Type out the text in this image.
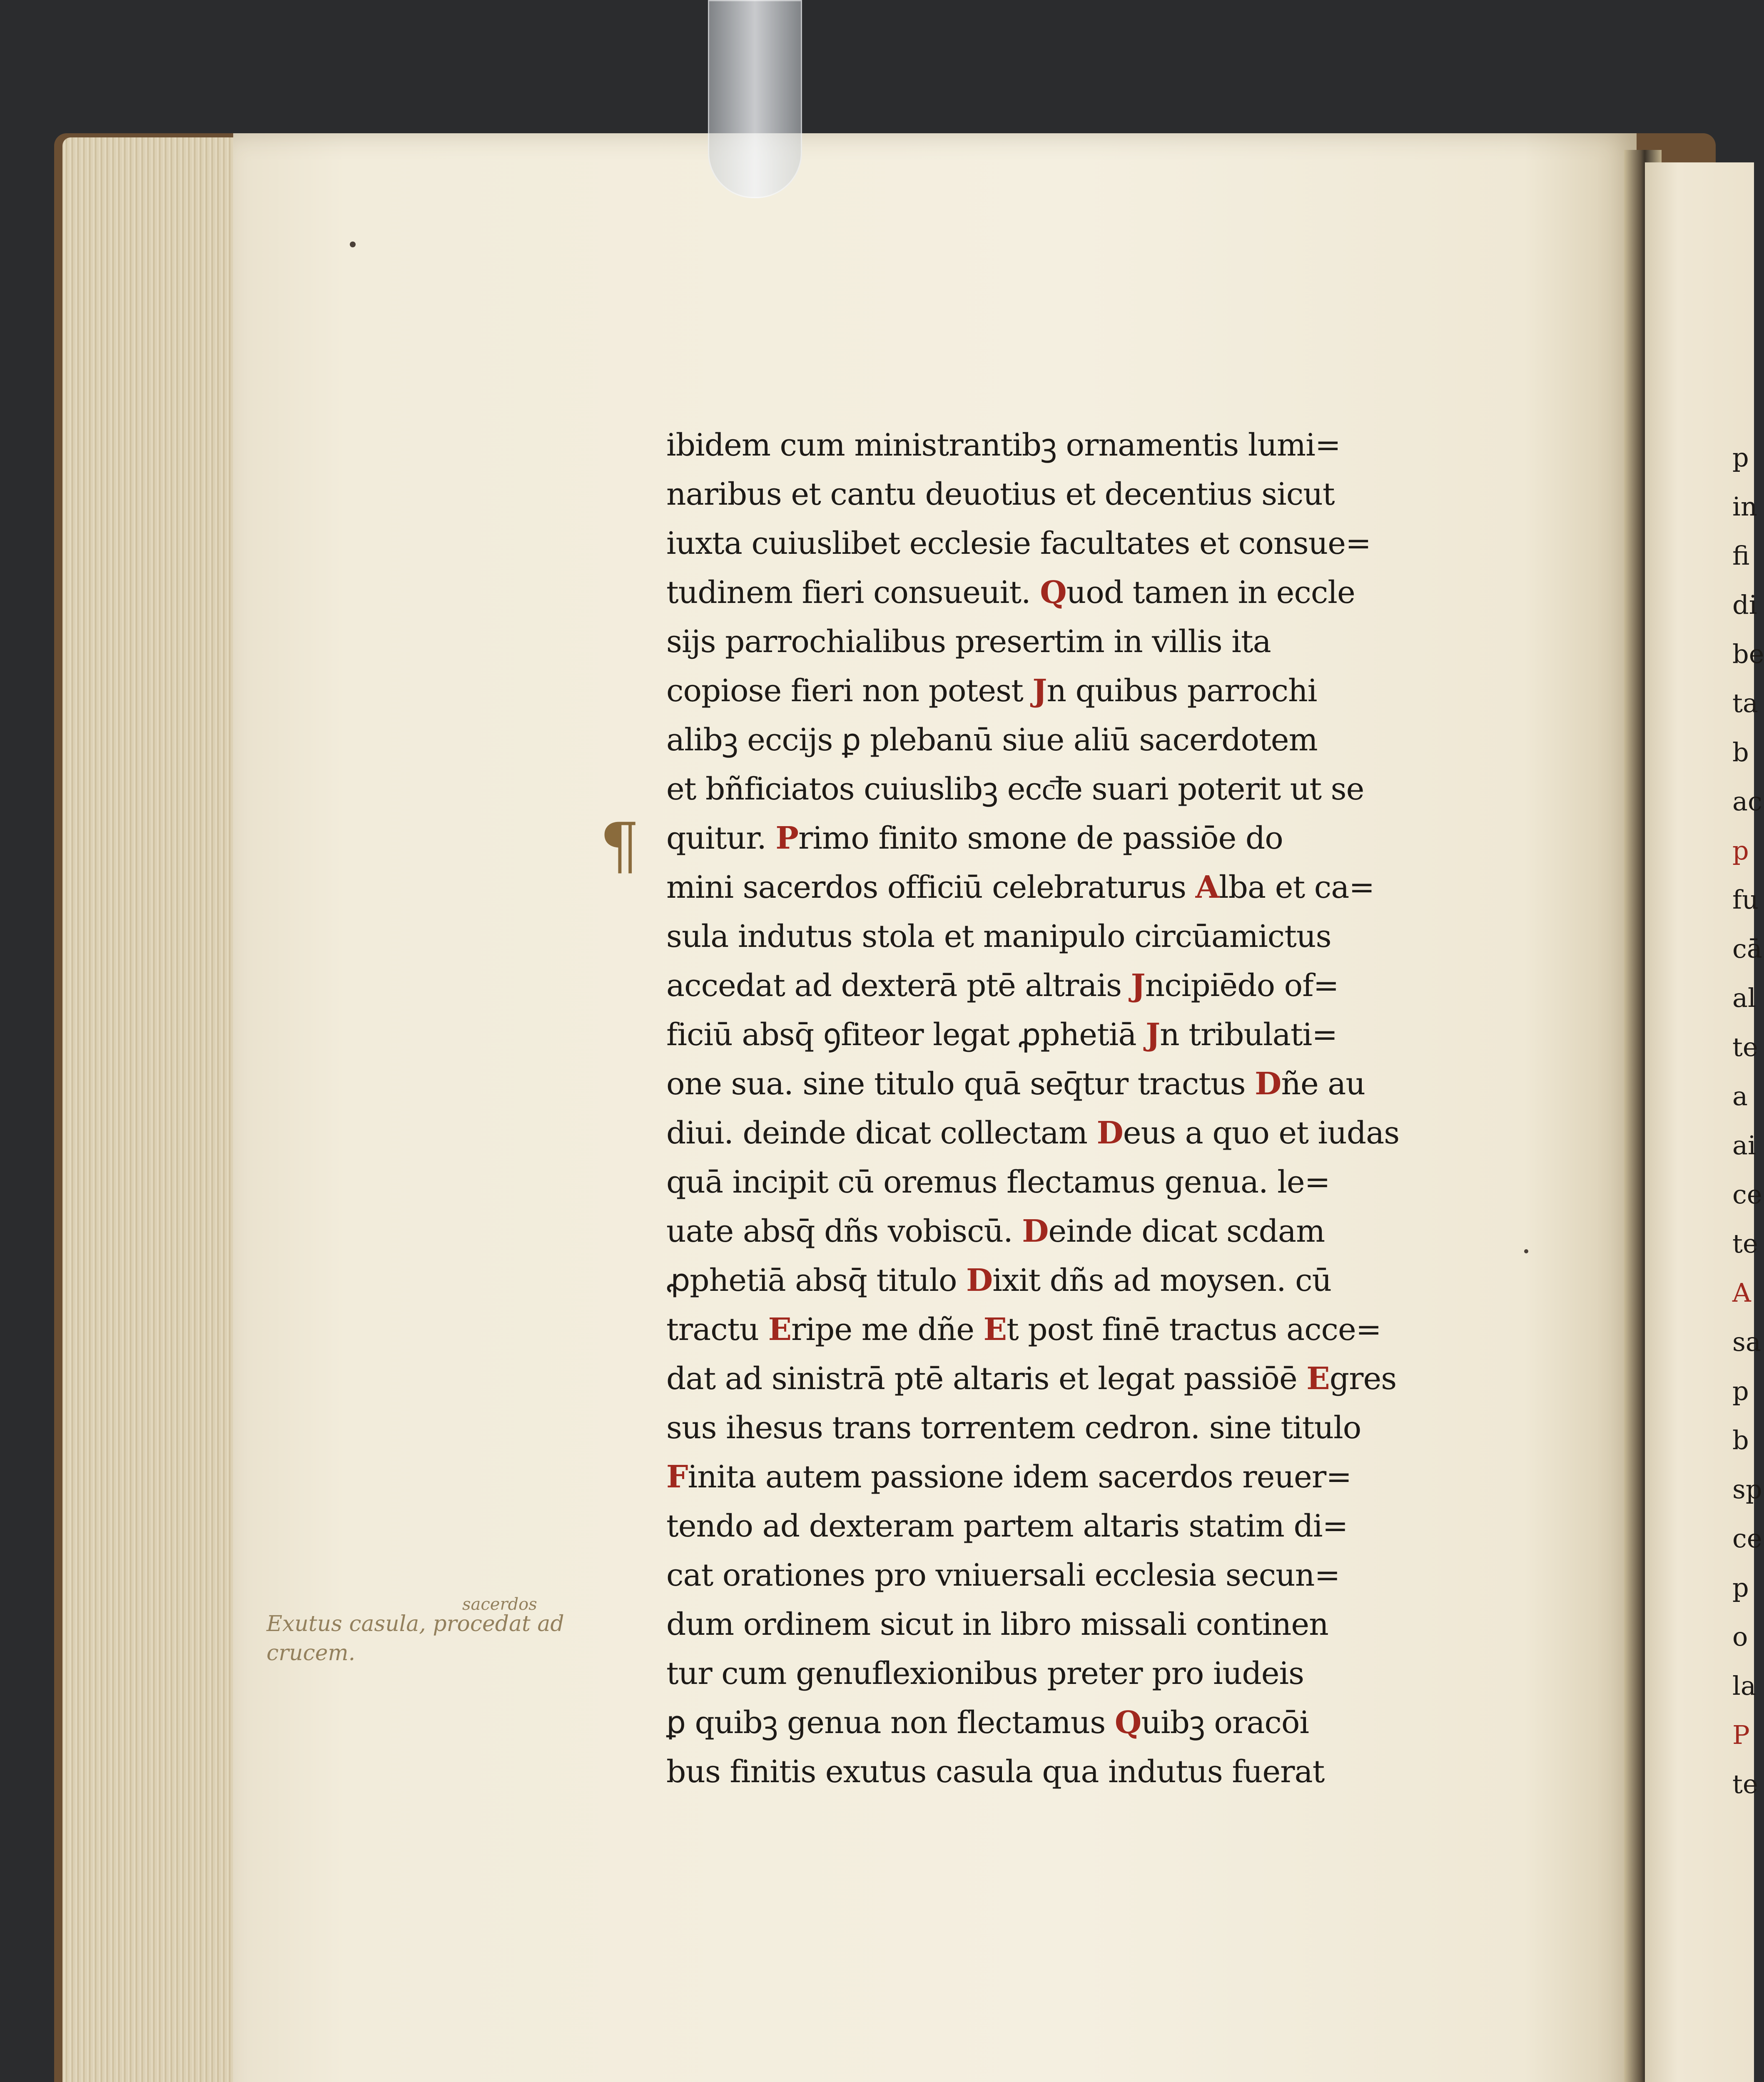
¶
ibidem cum ministrantibꝫ ornamentis lumi=
naribus et cantu deuotius et decentius sicut
iuxta cuiuslibet ecclesie facultates et consue=
tudinem fieri consueuit. Quod tamen in eccle
sijs parrochialibus presertim in villis ita
copiose fieri non potest Jn quibus parrochi
alibꝫ eccijs ꝑ plebanū siue aliū sacerdotem
et bñficiatos cuiuslibꝫ ecc͞le suari poterit ut se
quitur. Primo finito smone de passiōe do
mini sacerdos officiū celebraturus Alba et ca=
sula indutus stola et manipulo circūamictus
accedat ad dexterā ptē altrais Jncipiēdo of=
ficiū absq̄ ꝯfiteor legat ꝓphetiā Jn tribulati=
one sua. sine titulo quā seq̄tur tractus Dñe au
diui. deinde dicat collectam Deus a quo et iudas
quā incipit cū oremus flectamus genua. le=
uate absq̄ dñs vobiscū. Deinde dicat scdam
ꝓphetiā absq̄ titulo Dixit dñs ad moysen. cū
tractu Eripe me dñe Et post finē tractus acce=
dat ad sinistrā ptē altaris et legat passiōē Egres
sus ihesus trans torrentem cedron. sine titulo
Finita autem passione idem sacerdos reuer=
tendo ad dexteram partem altaris statim di=
cat orationes pro vniuersali ecclesia secun=
dum ordinem sicut in libro missali continen
tur cum genuflexionibus preter pro iudeis
ꝑ quibꝫ genua non flectamus Quibꝫ oracōi
bus finitis exutus casula qua indutus fuerat
sacerdos
Exutus casula, procedat ad
crucem.
p
in
fi
di
be
ta
b
ac
p
fu
cā
al
te
a
ai
ce
te
A
sa
p
b
sp
ce
p
o
la
P
te
